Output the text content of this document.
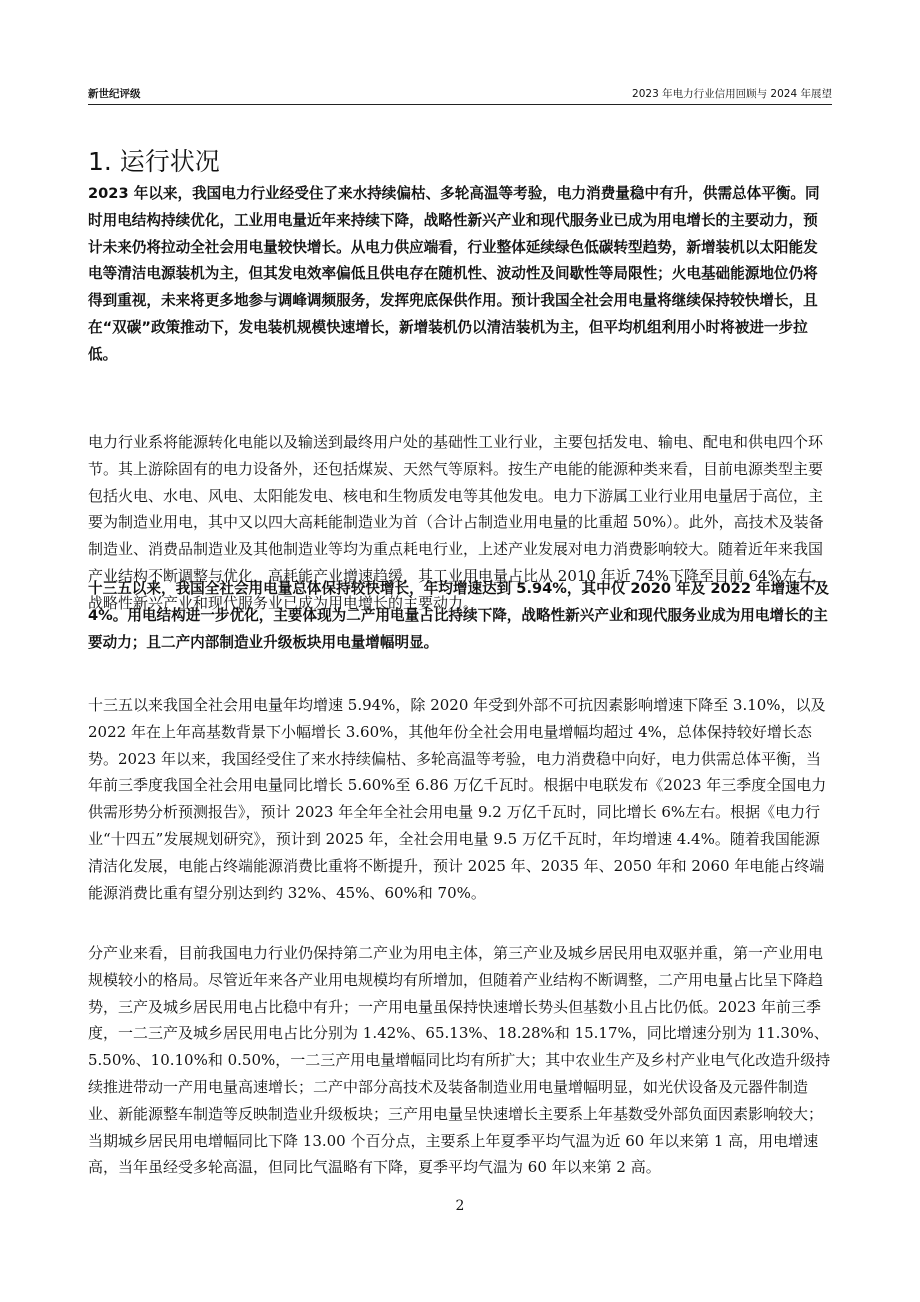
新世纪评级	2023 年电力行业信用回顾与 2024 年展望
1. 运行状况

2023 年以来，我国电力行业经受住了来水持续偏枯、多轮高温等考验，电力消费量稳中有升，供需总体平衡。同时用电结构持续优化，工业用电量近年来持续下降，战略性新兴产业和现代服务业已成为用电增长的主要动力，预计未来仍将拉动全社会用电量较快增长。从电力供应端看，行业整体延续绿色低碳转型趋势，新增装机以太阳能发电等清洁电源装机为主，但其发电效率偏低且供电存在随机性、波动性及间歇性等局限性；火电基础能源地位仍将得到重视，未来将更多地参与调峰调频服务，发挥兜底保供作用。预计我国全社会用电量将继续保持较快增长，且在“双碳”政策推动下，发电装机规模快速增长，新增装机仍以清洁装机为主，但平均机组利用小时将被进一步拉低。

电力行业系将能源转化电能以及输送到最终用户处的基础性工业行业，主要包括发电、输电、配电和供电四个环节。其上游除固有的电力设备外，还包括煤炭、天然气等原料。按生产电能的能源种类来看，目前电源类型主要包括火电、水电、风电、太阳能发电、核电和生物质发电等其他发电。电力下游属工业行业用电量居于高位，主要为制造业用电，其中又以四大高耗能制造业为首（合计占制造业用电量的比重超 50%）。此外，高技术及装备制造业、消费品制造业及其他制造业等均为重点耗电行业，上述产业发展对电力消费影响较大。随着近年来我国产业结构不断调整与优化，高耗能产业增速趋缓，其工业用电量占比从 2010 年近 74%下降至目前 64%左右，战略性新兴产业和现代服务业已成为用电增长的主要动力。

十三五以来，我国全社会用电量总体保持较快增长，年均增速达到 5.94%，其中仅 2020 年及 2022 年增速不及 4%。用电结构进一步优化，主要体现为二产用电量占比持续下降，战略性新兴产业和现代服务业成为用电增长的主要动力；且二产内部制造业升级板块用电量增幅明显。

十三五以来我国全社会用电量年均增速 5.94%，除 2020 年受到外部不可抗因素影响增速下降至 3.10%，以及 2022 年在上年高基数背景下小幅增长 3.60%，其他年份全社会用电量增幅均超过 4%，总体保持较好增长态势。2023 年以来，我国经受住了来水持续偏枯、多轮高温等考验，电力消费稳中向好，电力供需总体平衡，当年前三季度我国全社会用电量同比增长 5.60%至 6.86 万亿千瓦时。根据中电联发布《2023 年三季度全国电力供需形势分析预测报告》，预计 2023 年全年全社会用电量 9.2 万亿千瓦时，同比增长 6%左右。根据《电力行业“十四五”发展规划研究》，预计到 2025 年，全社会用电量 9.5 万亿千瓦时，年均增速 4.4%。随着我国能源清洁化发展，电能占终端能源消费比重将不断提升，预计 2025 年、2035 年、2050 年和 2060 年电能占终端能源消费比重有望分别达到约 32%、45%、60%和 70%。

分产业来看，目前我国电力行业仍保持第二产业为用电主体，第三产业及城乡居民用电双驱并重，第一产业用电规模较小的格局。尽管近年来各产业用电规模均有所增加，但随着产业结构不断调整，二产用电量占比呈下降趋势，三产及城乡居民用电占比稳中有升；一产用电量虽保持快速增长势头但基数小且占比仍低。2023 年前三季度，一二三产及城乡居民用电占比分别为 1.42%、65.13%、18.28%和 15.17%，同比增速分别为 11.30%、5.50%、10.10%和 0.50%，一二三产用电量增幅同比均有所扩大；其中农业生产及乡村产业电气化改造升级持续推进带动一产用电量高速增长；二产中部分高技术及装备制造业用电量增幅明显，如光伏设备及元器件制造业、新能源整车制造等反映制造业升级板块；三产用电量呈快速增长主要系上年基数受外部负面因素影响较大；当期城乡居民用电增幅同比下降 13.00 个百分点，主要系上年夏季平均气温为近 60 年以来第 1 高，用电增速高，当年虽经受多轮高温，但同比气温略有下降，夏季平均气温为 60 年以来第 2 高。

2
